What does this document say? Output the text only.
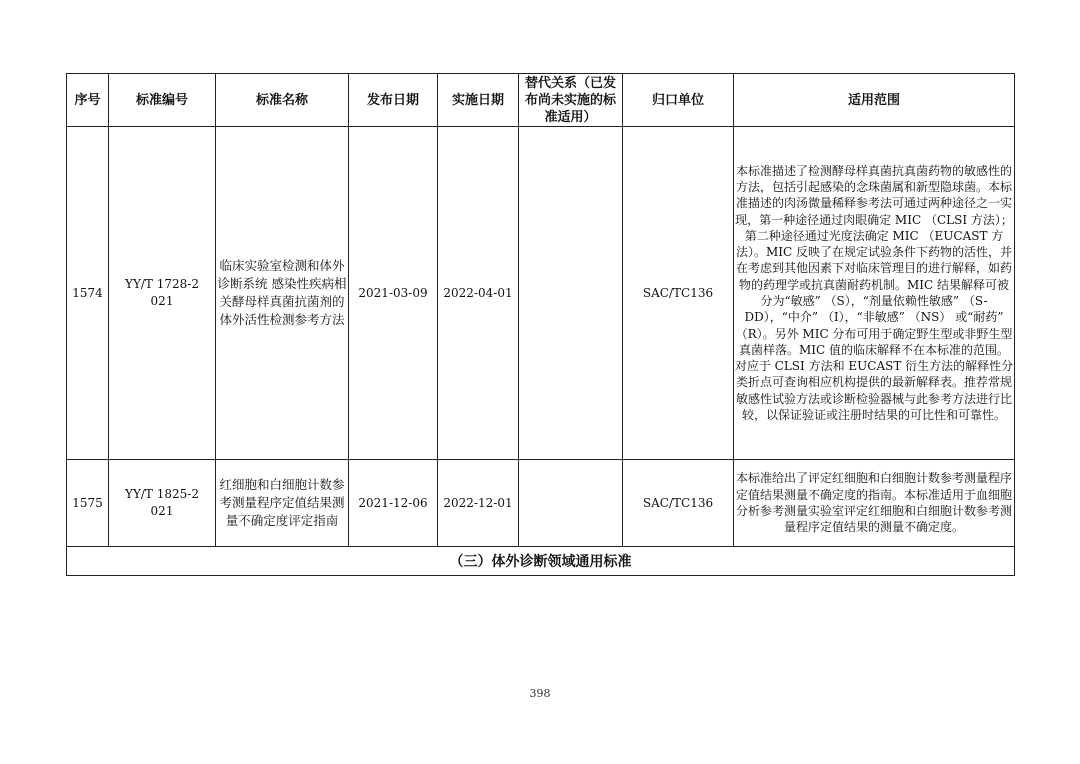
序号	标准编号	标准名称	发布日期	实施日期	替代关系（已发布尚未实施的标准适用）	归口单位	适用范围
1574	YY/T 1728-2021	临床实验室检测和体外诊断系统 感染性疾病相关酵母样真菌抗菌剂的体外活性检测参考方法	2021-03-09	2022-04-01		SAC/TC136	本标准描述了检测酵母样真菌抗真菌药物的敏感性的方法，包括引起感染的念珠菌属和新型隐球菌。本标准描述的肉汤微量稀释参考法可通过两种途径之一实现，第一种途径通过肉眼确定 MIC （CLSI 方法）；第二种途径通过光度法确定 MIC （EUCAST 方法）。MIC 反映了在规定试验条件下药物的活性，并在考虑到其他因素下对临床管理目的进行解释，如药物的药理学或抗真菌耐药机制。MIC 结果解释可被分为“敏感” （S），“剂量依赖性敏感” （S-DD），“中介” （I），“非敏感” （NS） 或“耐药” （R）。另外 MIC 分布可用于确定野生型或非野生型真菌样落。MIC 值的临床解释不在本标准的范围。对应于 CLSI 方法和 EUCAST 衍生方法的解释性分类折点可查询相应机构提供的最新解释表。推荐常规敏感性试验方法或诊断检验器械与此参考方法进行比较，以保证验证或注册时结果的可比性和可靠性。
1575	YY/T 1825-2021	红细胞和白细胞计数参考测量程序定值结果测量不确定度评定指南	2021-12-06	2022-12-01		SAC/TC136	本标准给出了评定红细胞和白细胞计数参考测量程序定值结果测量不确定度的指南。本标准适用于血细胞分析参考测量实验室评定红细胞和白细胞计数参考测量程序定值结果的测量不确定度。
（三）体外诊断领域通用标准							
398
